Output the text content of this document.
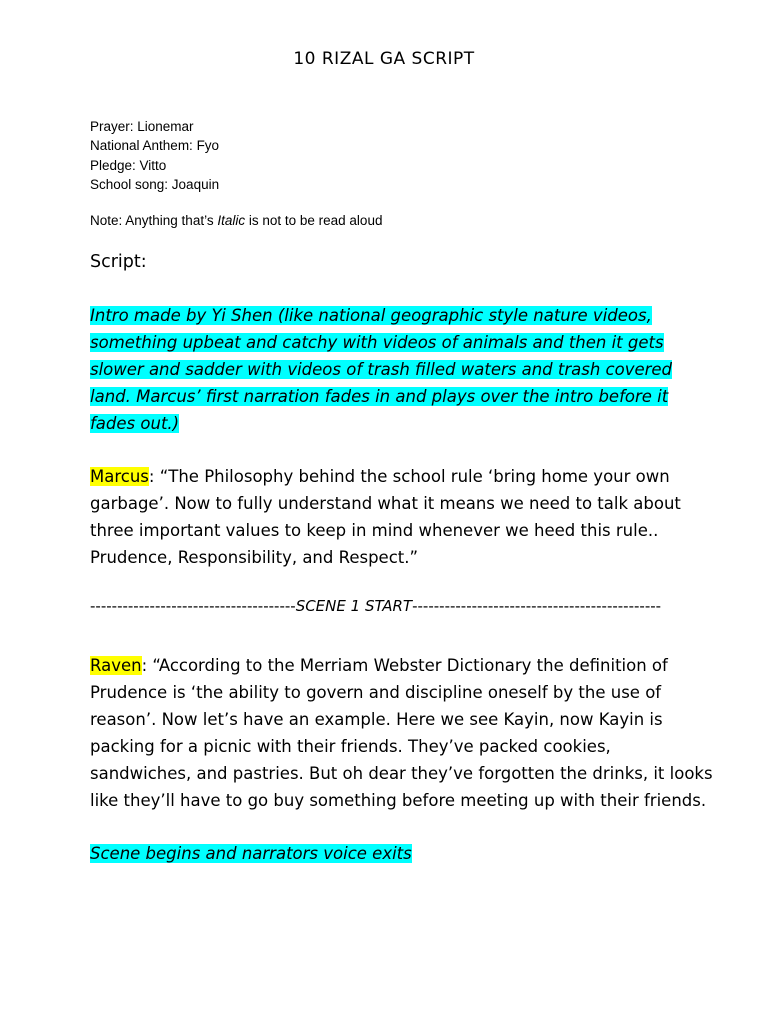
10 RIZAL GA SCRIPT
Prayer: Lionemar
National Anthem: Fyo
Pledge: Vitto
School song: Joaquin
Note: Anything that’s Italic is not to be read aloud
Script:
Intro made by Yi Shen (like national geographic style nature videos,
something upbeat and catchy with videos of animals and then it gets
slower and sadder with videos of trash filled waters and trash covered
land. Marcus’ first narration fades in and plays over the intro before it
fades out.)
Marcus: “The Philosophy behind the school rule ‘bring home your own
garbage’. Now to fully understand what it means we need to talk about
three important values to keep in mind whenever we heed this rule..
Prudence, Responsibility, and Respect.”
--------------------------------------SCENE 1 START----------------------------------------------
Raven: “According to the Merriam Webster Dictionary the definition of
Prudence is ‘the ability to govern and discipline oneself by the use of
reason’. Now let’s have an example. Here we see Kayin, now Kayin is
packing for a picnic with their friends. They’ve packed cookies,
sandwiches, and pastries. But oh dear they’ve forgotten the drinks, it looks
like they’ll have to go buy something before meeting up with their friends.
Scene begins and narrators voice exits
